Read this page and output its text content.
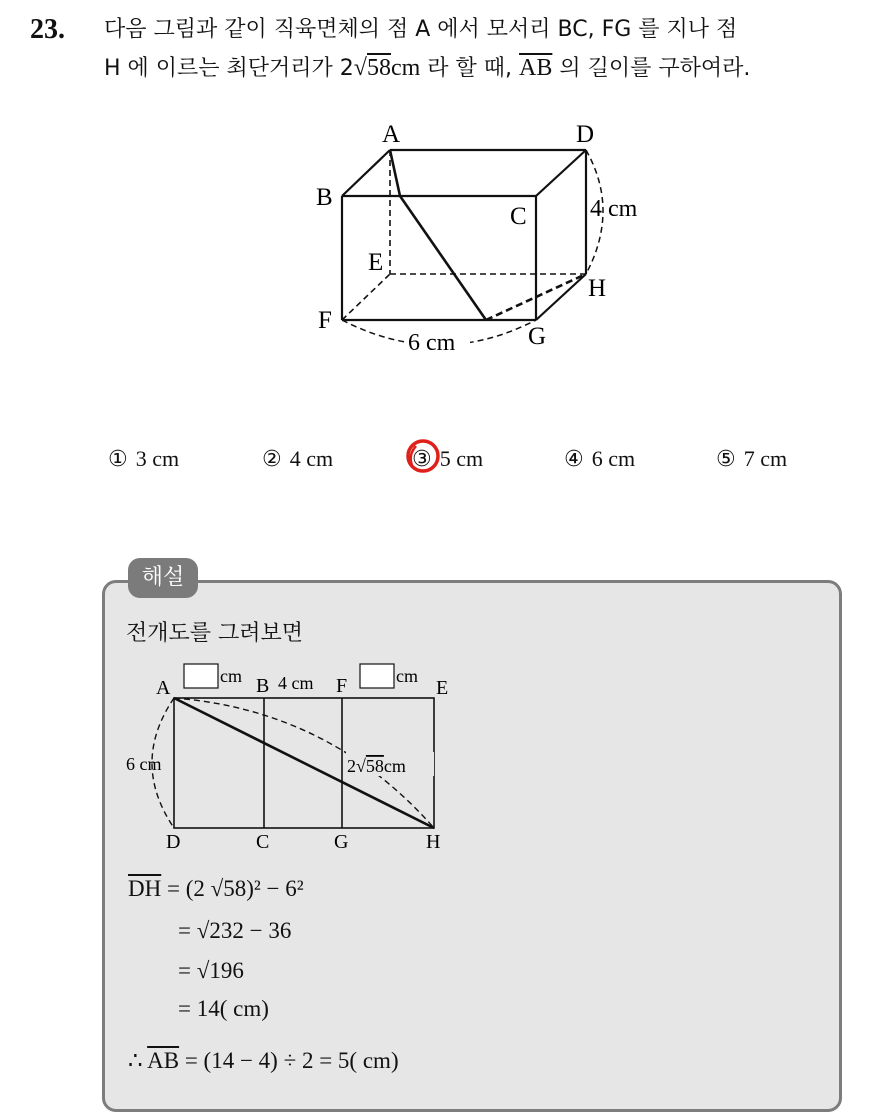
23. 다음 그림과 같이 직육면체의 점 A 에서 모서리 BC, FG 를 지나 점
H 에 이르는 최단거리가 2√58cm 라 할 때, $\overline{AB}$ 의 길이를 구하여라.
A	D
B
C
E
F
G
H
4 cm
6 cm
① 3 cm	② 4 cm	③ 5 cm	④ 6 cm	⑤ 7 cm
해설
전개도를 그려보면
A	B	F	E
D	C	G	H
cm 4 cm	cm
6 cm	2√58cm
$\overline{DH} = (2$ √58)² − 6²
= √232 − 36
= √196
= 14( cm)
∴ $\overline{AB} = (14 - 4) \div 2 = 5$( cm)
